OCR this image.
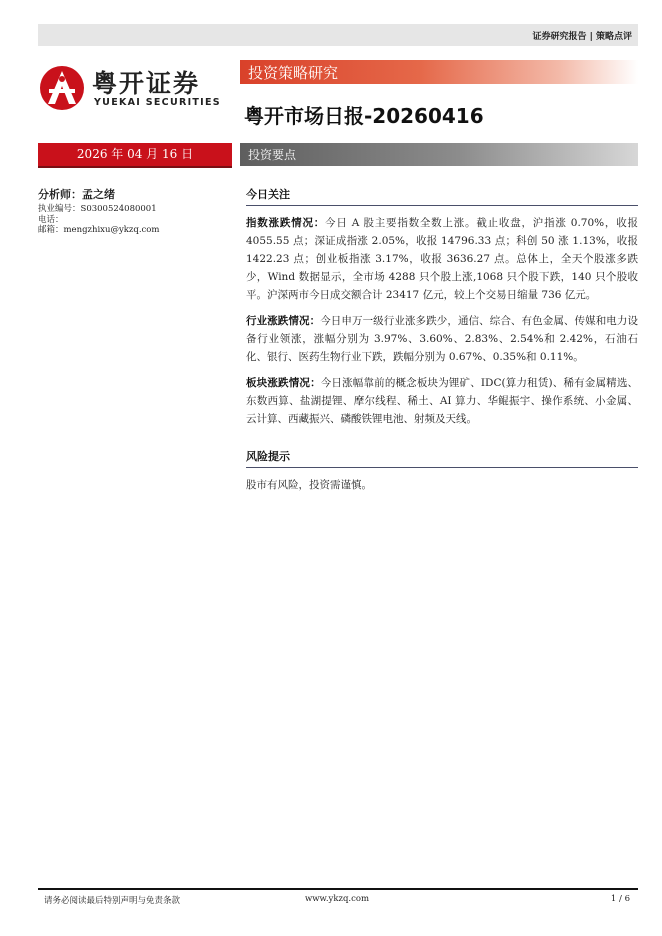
证券研究报告 | 策略点评
粤开证券
YUEKAI SECURITIES
投资策略研究
粤开市场日报-20260416
2026 年 04 月 16 日	投资要点
分析师：孟之绪
执业编号：S0300524080001
电话：
邮箱：mengzhixu@ykzq.com
今日关注

指数涨跌情况：今日 A 股主要指数全数上涨。截止收盘，沪指涨 0.70%，收报 4055.55 点；深证成指涨 2.05%，收报 14796.33 点；科创 50 涨 1.13%，收报 1422.23 点；创业板指涨 3.17%，收报 3636.27 点。总体上，全天个股涨多跌少，Wind 数据显示，全市场 4288 只个股上涨,1068 只个股下跌，140 只个股收平。沪深两市今日成交额合计 23417 亿元，较上个交易日缩量 736 亿元。

行业涨跌情况：今日申万一级行业涨多跌少，通信、综合、有色金属、传媒和电力设备行业领涨，涨幅分别为 3.97%、3.60%、2.83%、2.54%和 2.42%，石油石化、银行、医药生物行业下跌，跌幅分别为 0.67%、0.35%和 0.11%。

板块涨跌情况：今日涨幅靠前的概念板块为锂矿、IDC(算力租赁)、稀有金属精选、东数西算、盐湖提锂、摩尔线程、稀土、AI 算力、华鲲振宇、操作系统、小金属、云计算、西藏振兴、磷酸铁锂电池、射频及天线。

风险提示

股市有风险，投资需谨慎。

请务必阅读最后特别声明与免责条款	www.ykzq.com	1 / 6
